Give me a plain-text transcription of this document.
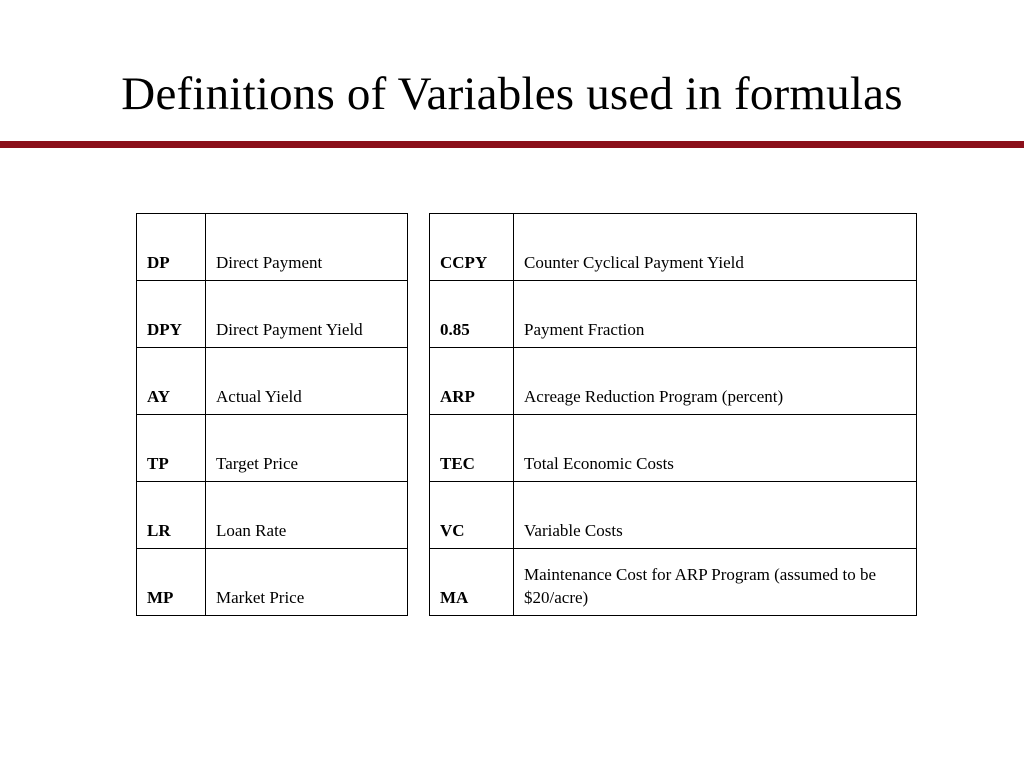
Definitions of Variables used in formulas
DP	Direct Payment
DPY	Direct Payment Yield
AY	Actual Yield
TP	Target Price
LR	Loan Rate
MP	Market Price
CCPY	Counter Cyclical Payment Yield
0.85	Payment Fraction
ARP	Acreage Reduction Program (percent)
TEC	Total Economic Costs
VC	Variable Costs
MA	Maintenance Cost for ARP Program (assumed to be $20/acre)
